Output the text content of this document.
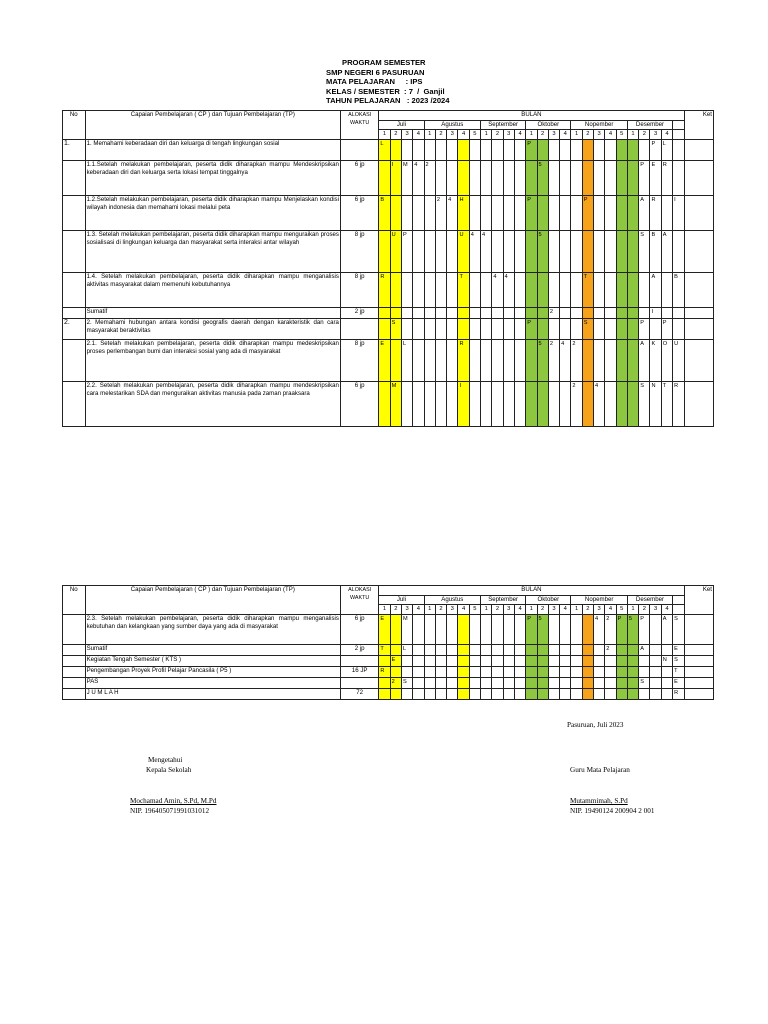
PROGRAM SEMESTER
SMP NEGERI 6 PASURUAN
MATA PELAJARAN     : IPS
KELAS / SEMESTER  : 7  /  Ganjil
TAHUN PELAJARAN   : 2023 /2024
No	Capaian Pembelajaran ( CP ) dan Tujuan Pembelajaran (TP)	ALOKASI WAKTU	BULAN																											Ket
			Juli				Agustus					September				Oktober				Nopember					Desember					
			1	2	3	4	1	2	3	4	5	1	2	3	4	1	2	3	4	1	2	3	4	5	1	2	3	4		
1.	1. Memahami keberadaan diri dan keluarga di tengah lingkungan sosial		L													P											P	L		
	1.1.Setelah melakukan pembelajaran, peserta didik diharapkan mampu Mendeskripsikan keberadaan diri dan keluarga serta lokasi tempat tinggalnya	6 jp		I	M	4	2										5									P	E	R		
	1.2.Setelah melakukan pembelajaran, peserta didik diharapkan mampu Menjelaskan kondisi wilayah indonesia dan memahami lokasi melalui peta	6 jp	B					2	4	H						P					P					A	R		I	
	1.3. Setelah melakukan pembelajaran, peserta didik diharapkan mampu menguraikan proses sosialisasi di lingkungan keluarga dan masyarakat serta interaksi antar wilayah	8 jp		U	P					U	4	4					5									S	B	A		
	1.4. Setelah melakukan pembelajaran, peserta didik diharapkan mampu menganalisis aktivitas masyarakat dalam memenuhi kebutuhannya	8 jp	R							T			4	4							T						A		B	
	Sumatif	2 jp																2									I			
2.	2. Memahami hubungan antara kondisi geografis daerah dengan karakteristik dan cara masyarakat beraktivitas			S												P					S					P		P		
	2.1. Setelah melakukan pembelajaran, peserta didik diharapkan mampu medeskripsikan proses perlembangan bumi dan interaksi sosial yang ada di masyarakat	8 jp	E		L					R							5	2	4	2						A	K	O	U	
	2.2. Setelah melakukan pembelajaran, peserta didik diharapkan mampu mendeskripsikan cara melestarikan SDA dan menguraikan aktivitas manusia pada zaman praaksara	6 jp		M						I										2		4				S	N	T	R	
No	Capaian Pembelajaran ( CP ) dan Tujuan Pembelajaran (TP)	ALOKASI WAKTU	BULAN																											Ket
			Juli				Agustus					September				Oktober				Nopember					Desember					
			1	2	3	4	1	2	3	4	5	1	2	3	4	1	2	3	4	1	2	3	4	5	1	2	3	4		
	2.3. Setelah melakukan pembelajaran, peserta didik diharapkan mampu menganalisis kebutuhan dan kelangkaan yang sumber daya yang ada di masyarakat	6 jp	E		M											P	5					4	2	P	5	P		A	S	
	Sumatif	2 jp	T		L																		2			A			E	
	Kegiatan Tengah Semester ( KTS )			E																								N	S	
	Pengembangan Proyek Profil Pelajar Pancasila ( P5 )	16 JP	R																										T	
	PAS			2	S																					S			E	
	J U M L A H	72																											R	
Pasuruan, Juli 2023
Mengetahui
Kepala Sekolah	Guru Mata Pelajaran
Mochamad Amin, S.Pd, M.Pd
NIP. 196405071991031012
Mutammimah, S.Pd
NIP. 19490124 200904 2 001
